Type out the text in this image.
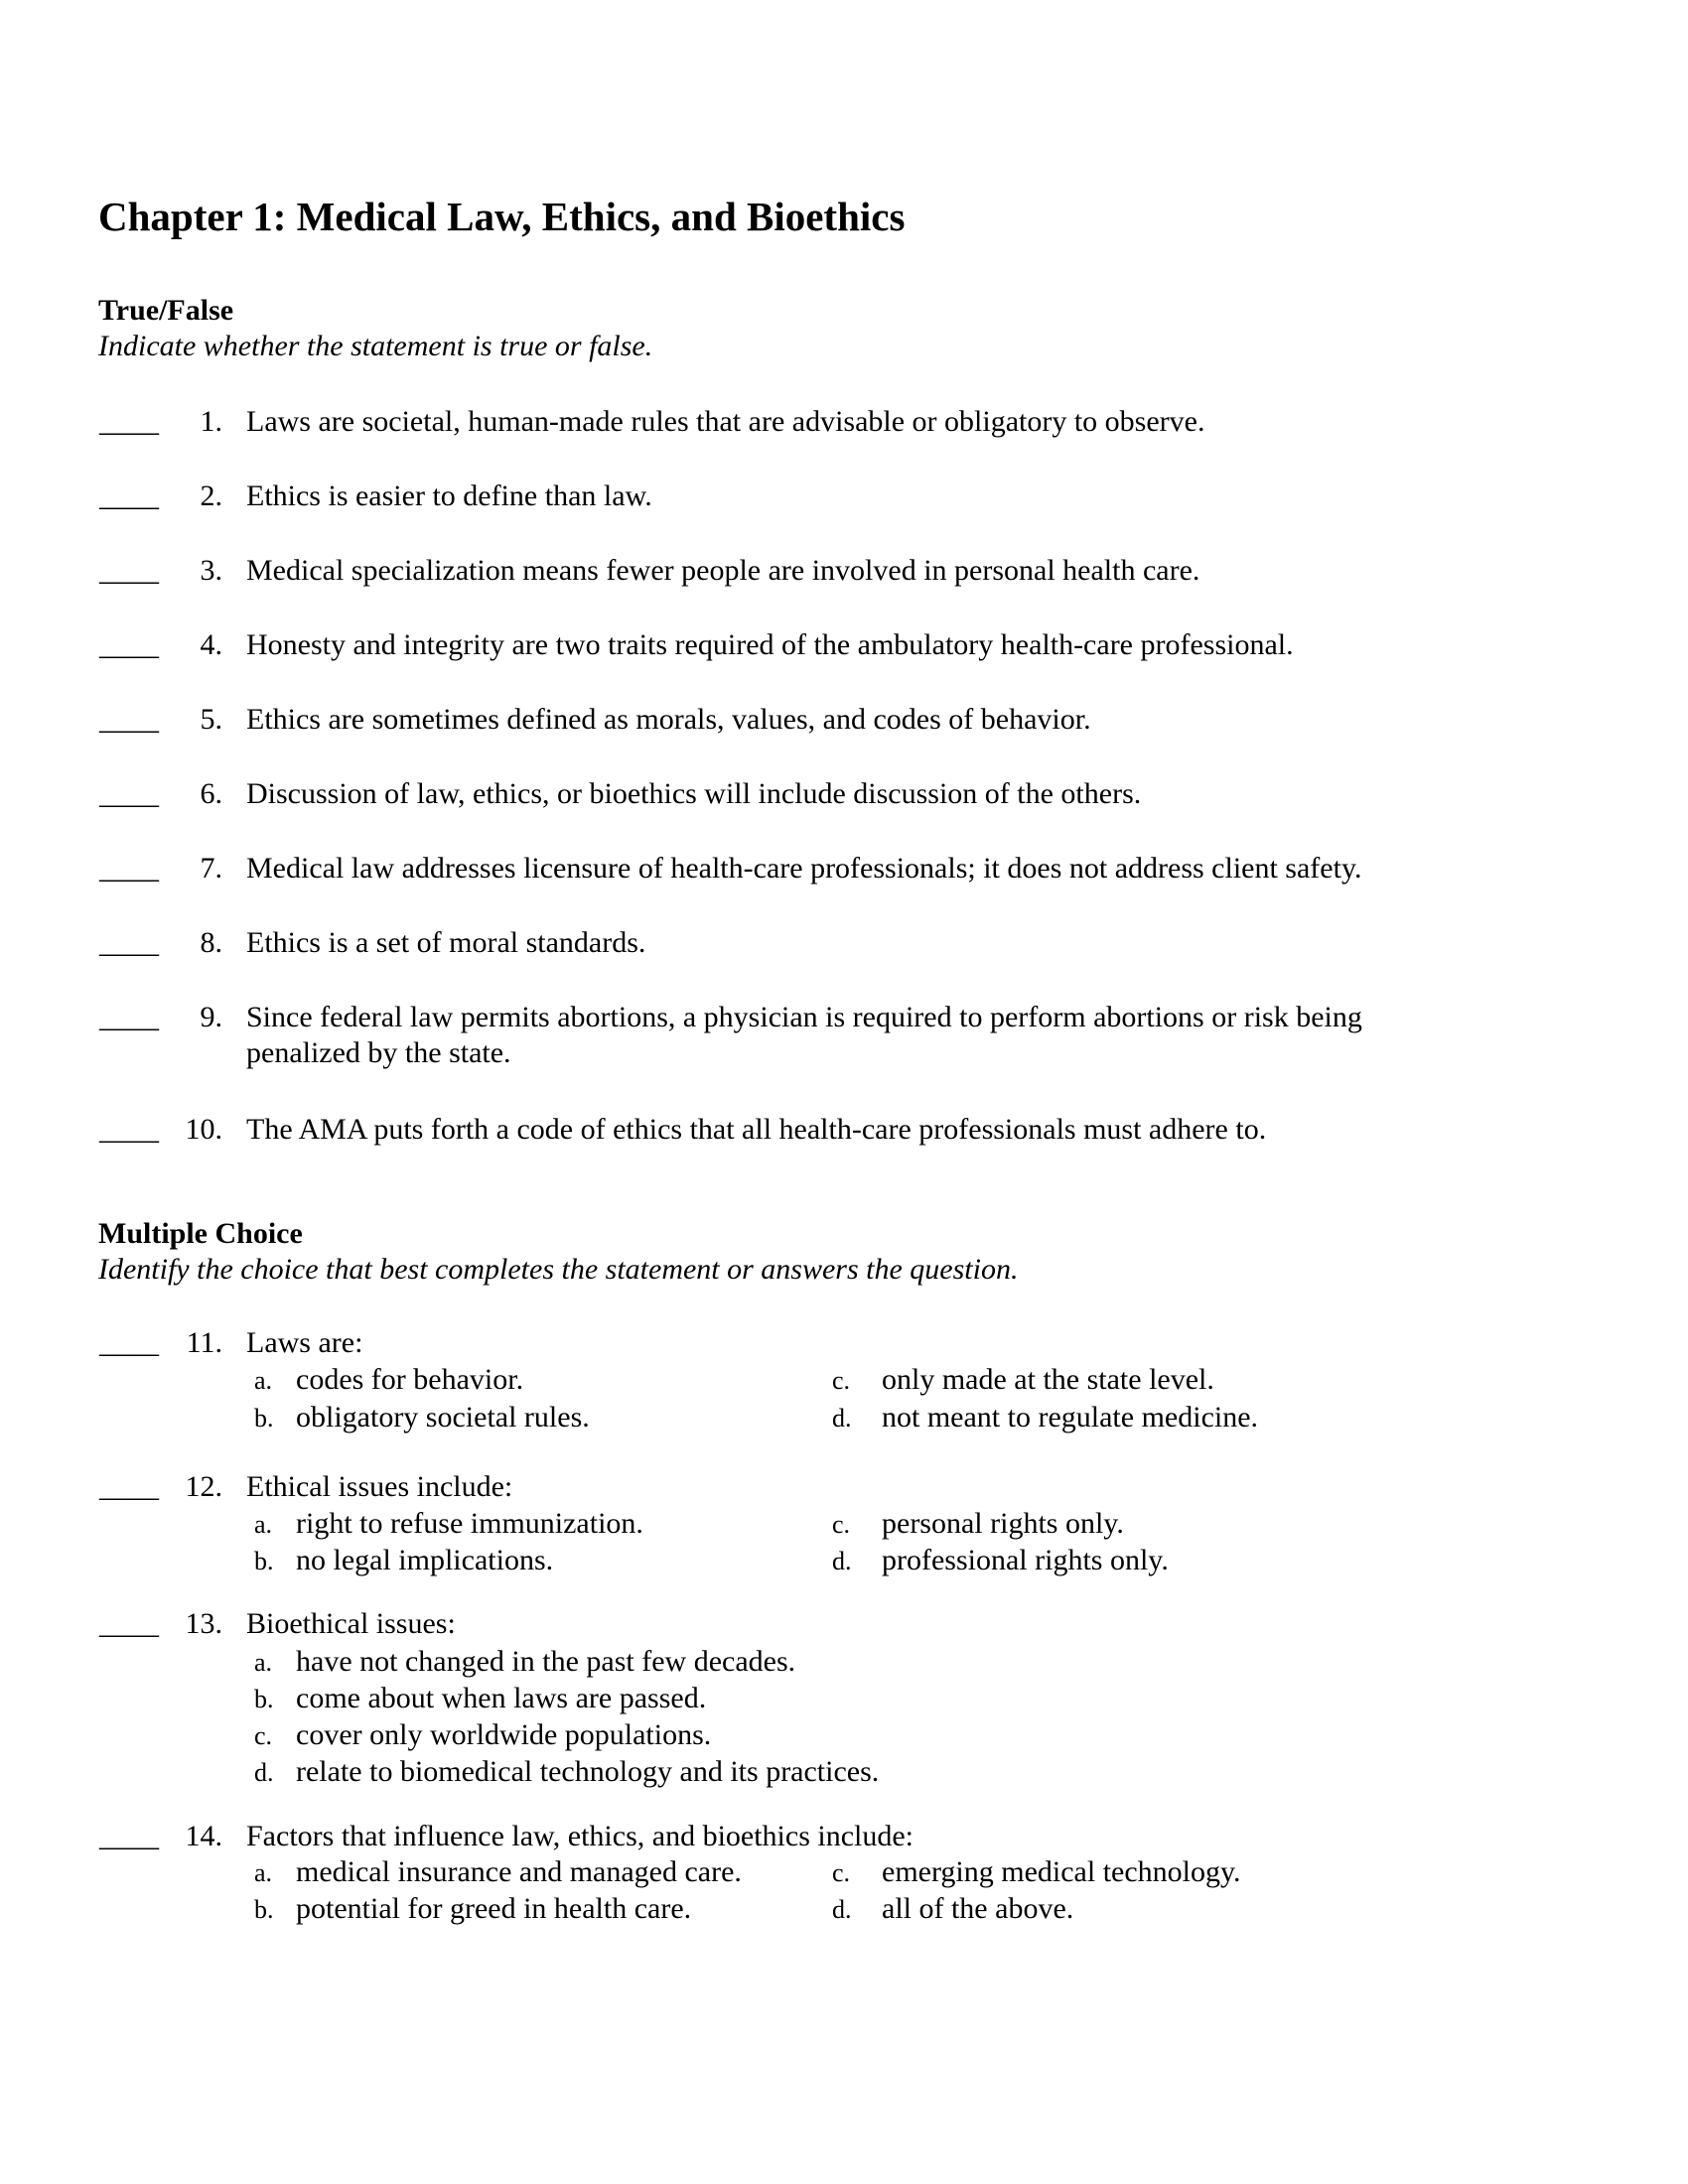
Chapter 1: Medical Law, Ethics, and Bioethics
True/False
Indicate whether the statement is true or false.
____	1. Laws are societal, human-made rules that are advisable or obligatory to observe.
____	2. Ethics is easier to define than law.
____	3. Medical specialization means fewer people are involved in personal health care.
____	4. Honesty and integrity are two traits required of the ambulatory health-care professional.
____	5. Ethics are sometimes defined as morals, values, and codes of behavior.
____	6. Discussion of law, ethics, or bioethics will include discussion of the others.
____	7. Medical law addresses licensure of health-care professionals; it does not address client safety.
____	8. Ethics is a set of moral standards.
____	9. Since federal law permits abortions, a physician is required to perform abortions or risk being penalized by the state.
____ 10. The AMA puts forth a code of ethics that all health-care professionals must adhere to.
Multiple Choice
Identify the choice that best completes the statement or answers the question.
____ 11. Laws are:
a. codes for behavior.	c.	only made at the state level.
b. obligatory societal rules.	d.	not meant to regulate medicine.
____ 12. Ethical issues include:
a. right to refuse immunization.	c.	personal rights only.
b. no legal implications.	d.	professional rights only.
____ 13. Bioethical issues:
a. have not changed in the past few decades.
b. come about when laws are passed.
c. cover only worldwide populations.
d. relate to biomedical technology and its practices.
____ 14. Factors that influence law, ethics, and bioethics include:
a. medical insurance and managed care.	c.	emerging medical technology.
b. potential for greed in health care.	d.	all of the above.
